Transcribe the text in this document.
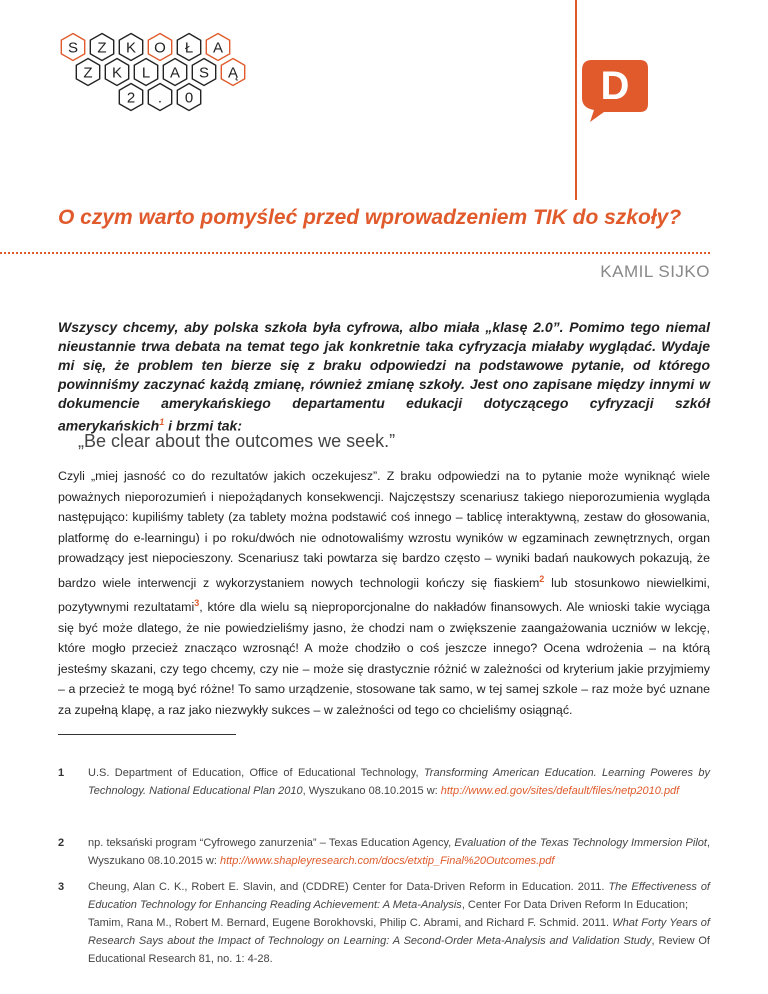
S Z K O Ł A
Z K L A S Ą
2 . 0	D
O czym warto pomyśleć przed wprowadzeniem TIK do szkoły?
KAMIL SIJKO

Wszyscy chcemy, aby polska szkoła była cyfrowa, albo miała „klasę 2.0”. Pomimo tego niemal nieustannie trwa debata na temat tego jak konkretnie taka cyfryzacja miałaby wyglądać. Wydaje mi się, że problem ten bierze się z braku odpowiedzi na podstawowe pytanie, od którego powinniśmy zaczynać każdą zmianę, również zmianę szkoły. Jest ono zapisane między innymi w dokumencie amerykańskiego departamentu edukacji dotyczącego cyfryzacji szkół amerykańskich$^1$ i brzmi tak:

„Be clear about the outcomes we seek.”

Czyli „miej jasność co do rezultatów jakich oczekujesz”. Z braku odpowiedzi na to pytanie może wyniknąć wiele poważnych nieporozumień i niepożądanych konsekwencji. Najczęstszy scenariusz takiego nieporozumienia wygląda następująco: kupiliśmy tablety (za tablety można podstawić coś innego – tablicę interaktywną, zestaw do głosowania, platformę do e-learningu) i po roku/dwóch nie odnotowaliśmy wzrostu wyników w egzaminach zewnętrznych, organ prowadzący jest niepocieszony. Scenariusz taki powtarza się bardzo często – wyniki badań naukowych pokazują, że bardzo wiele interwencji z wykorzystaniem nowych technologii kończy się fiaskiem$^2$ lub stosunkowo niewielkimi, pozytywnymi rezultatami$^3$, które dla wielu są nieproporcjonalne do nakładów finansowych. Ale wnioski takie wyciąga się być może dlatego, że nie powiedzieliśmy jasno, że chodzi nam o zwiększenie zaangażowania uczniów w lekcję, które mogło przecież znacząco wzrosnąć! A może chodziło o coś jeszcze innego? Ocena wdrożenia – na którą jesteśmy skazani, czy tego chcemy, czy nie – może się drastycznie różnić w zależności od kryterium jakie przyjmiemy – a przecież te mogą być różne! To samo urządzenie, stosowane tak samo, w tej samej szkole – raz może być uznane za zupełną klapę, a raz jako niezwykły sukces – w zależności od tego co chcieliśmy osiągnąć.

1 U.S. Department of Education, Office of Educational Technology, Transforming American Education. Learning Poweres by Technology. National Educational Plan 2010, Wyszukano 08.10.2015 w: http://www.ed.gov/sites/default/files/netp2010.pdf
2 np. teksański program “Cyfrowego zanurzenia” – Texas Education Agency, Evaluation of the Texas Technology Immersion Pilot, Wyszukano 08.10.2015 w: http://www.shapleyresearch.com/docs/etxtip_Final%20Outcomes.pdf
3 Cheung, Alan C. K., Robert E. Slavin, and (CDDRE) Center for Data-Driven Reform in Education. 2011. The Effectiveness of Education Technology for Enhancing Reading Achievement: A Meta-Analysis, Center For Data Driven Reform In Education;
Tamim, Rana M., Robert M. Bernard, Eugene Borokhovski, Philip C. Abrami, and Richard F. Schmid. 2011. What Forty Years of Research Says about the Impact of Technology on Learning: A Second-Order Meta-Analysis and Validation Study, Review Of Educational Research 81, no. 1: 4-28.
